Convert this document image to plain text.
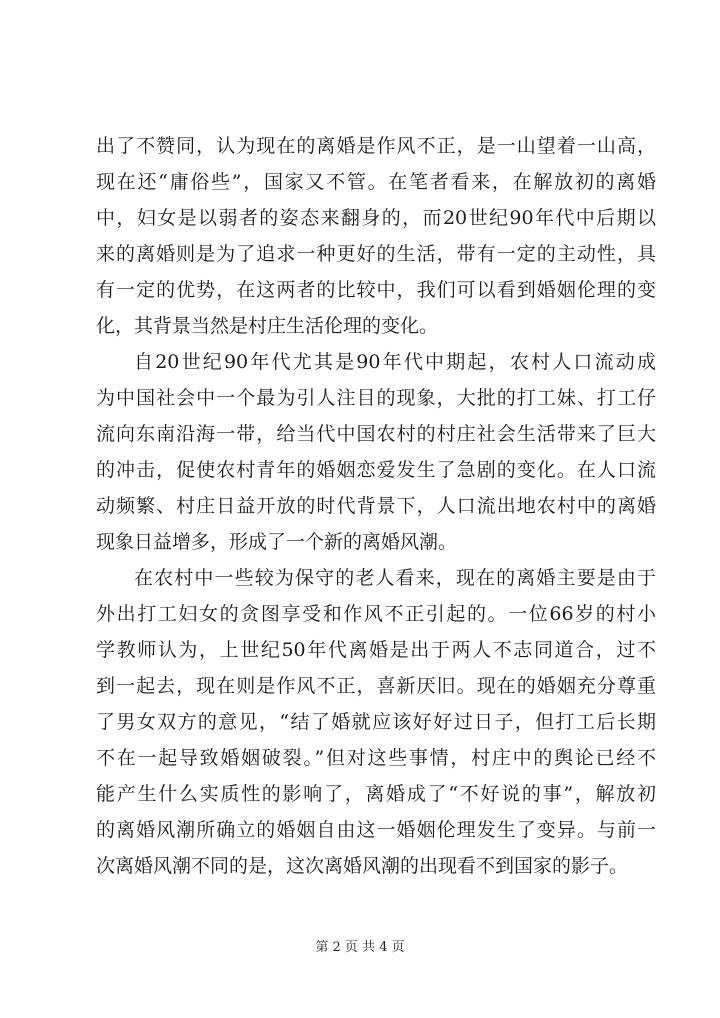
出了不赞同，认为现在的离婚是作风不正，是一山望着一山高，
现在还“庸俗些”，国家又不管。在笔者看来，在解放初的离婚
中，妇女是以弱者的姿态来翻身的，而20世纪90年代中后期以
来的离婚则是为了追求一种更好的生活，带有一定的主动性，具
有一定的优势，在这两者的比较中，我们可以看到婚姻伦理的变
化，其背景当然是村庄生活伦理的变化。
自20世纪90年代尤其是90年代中期起，农村人口流动成
为中国社会中一个最为引人注目的现象，大批的打工妹、打工仔
流向东南沿海一带，给当代中国农村的村庄社会生活带来了巨大
的冲击，促使农村青年的婚姻恋爱发生了急剧的变化。在人口流
动频繁、村庄日益开放的时代背景下，人口流出地农村中的离婚
现象日益增多，形成了一个新的离婚风潮。
在农村中一些较为保守的老人看来，现在的离婚主要是由于
外出打工妇女的贪图享受和作风不正引起的。一位66岁的村小
学教师认为，上世纪50年代离婚是出于两人不志同道合，过不
到一起去，现在则是作风不正，喜新厌旧。现在的婚姻充分尊重
了男女双方的意见，“结了婚就应该好好过日子，但打工后长期
不在一起导致婚姻破裂。”但对这些事情，村庄中的舆论已经不
能产生什么实质性的影响了，离婚成了“不好说的事”，解放初
的离婚风潮所确立的婚姻自由这一婚姻伦理发生了变异。与前一
次离婚风潮不同的是，这次离婚风潮的出现看不到国家的影子。
第 2 页 共 4 页
